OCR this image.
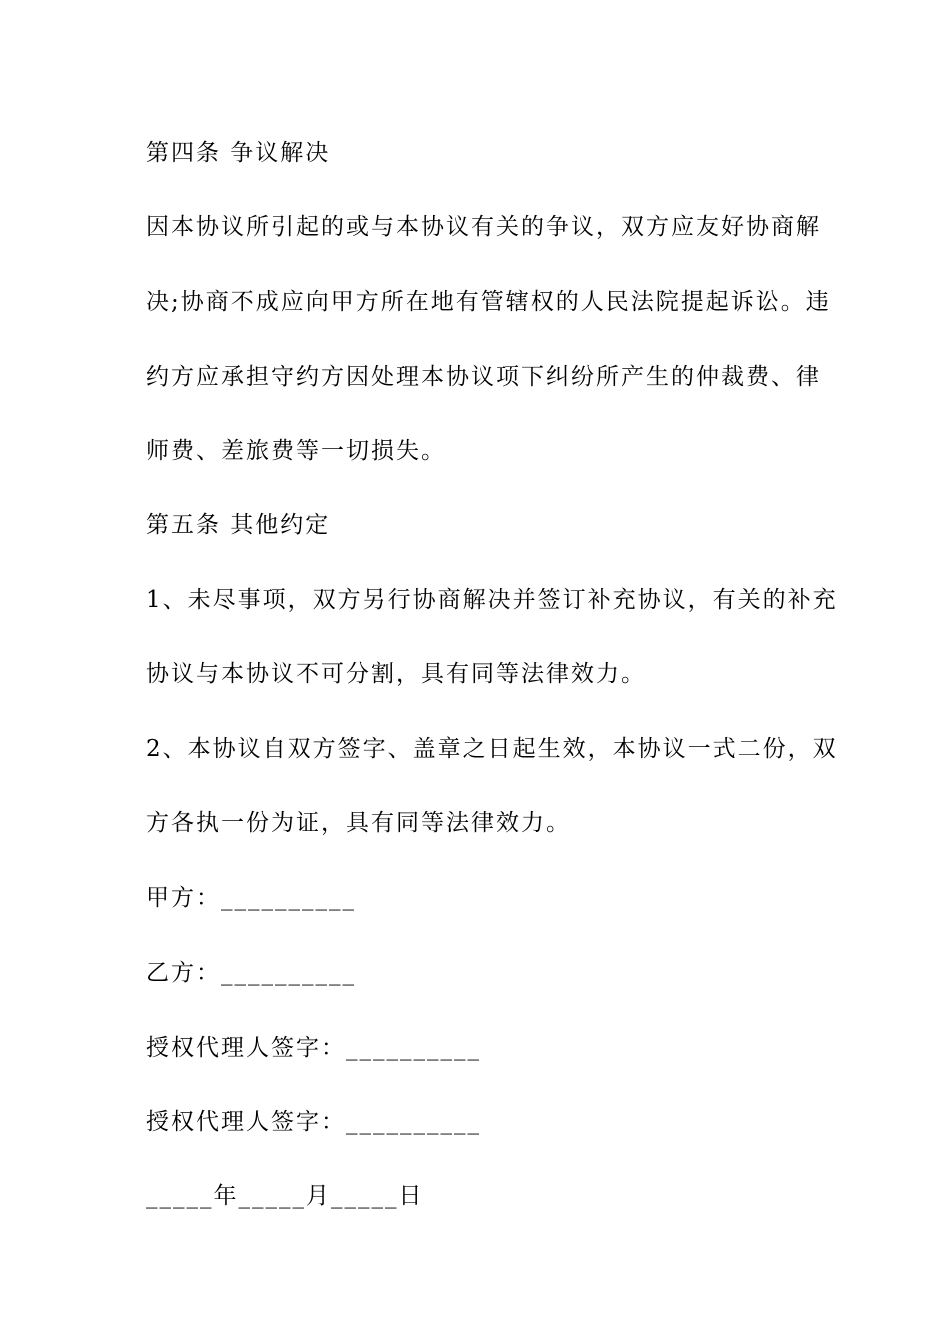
第四条 争议解决
因本协议所引起的或与本协议有关的争议，双方应友好协商解
决;协商不成应向甲方所在地有管辖权的人民法院提起诉讼。违
约方应承担守约方因处理本协议项下纠纷所产生的仲裁费、律
师费、差旅费等一切损失。
第五条 其他约定
1、未尽事项，双方另行协商解决并签订补充协议，有关的补充
协议与本协议不可分割，具有同等法律效力。
2、本协议自双方签字、盖章之日起生效，本协议一式二份，双
方各执一份为证，具有同等法律效力。
甲方：__________
乙方：__________
授权代理人签字：__________
授权代理人签字：__________
_____年_____月_____日
